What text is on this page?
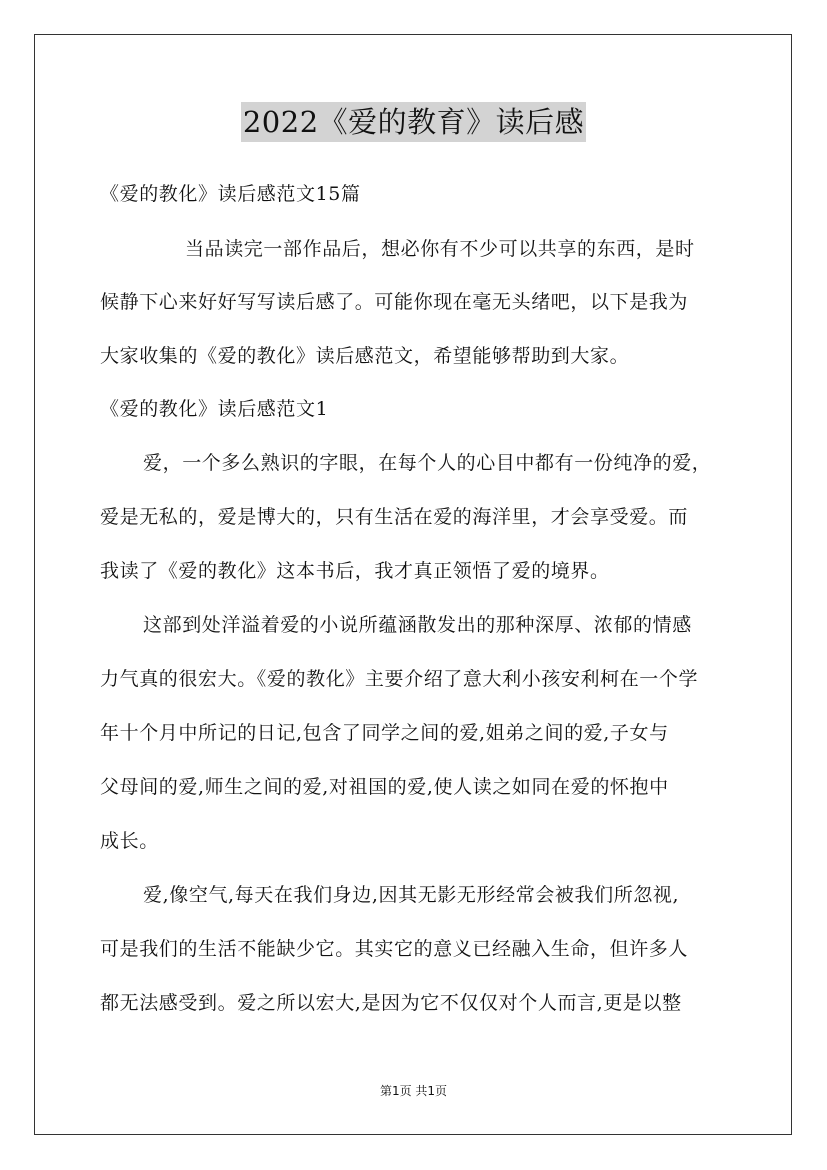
2022《爱的教育》读后感
《爱的教化》读后感范文15篇
当品读完一部作品后，想必你有不少可以共享的东西，是时
候静下心来好好写写读后感了。可能你现在毫无头绪吧，以下是我为
大家收集的《爱的教化》读后感范文，希望能够帮助到大家。
《爱的教化》读后感范文1
爱，一个多么熟识的字眼，在每个人的心目中都有一份纯净的爱，
爱是无私的，爱是博大的，只有生活在爱的海洋里，才会享受爱。而
我读了《爱的教化》这本书后，我才真正领悟了爱的境界。
这部到处洋溢着爱的小说所蕴涵散发出的那种深厚、浓郁的情感
力气真的很宏大。《爱的教化》主要介绍了意大利小孩安利柯在一个学
年十个月中所记的日记,包含了同学之间的爱,姐弟之间的爱,子女与
父母间的爱,师生之间的爱,对祖国的爱,使人读之如同在爱的怀抱中
成长。
爱,像空气,每天在我们身边,因其无影无形经常会被我们所忽视,
可是我们的生活不能缺少它。其实它的意义已经融入生命，但许多人
都无法感受到。爱之所以宏大,是因为它不仅仅对个人而言,更是以整
第1页 共1页
